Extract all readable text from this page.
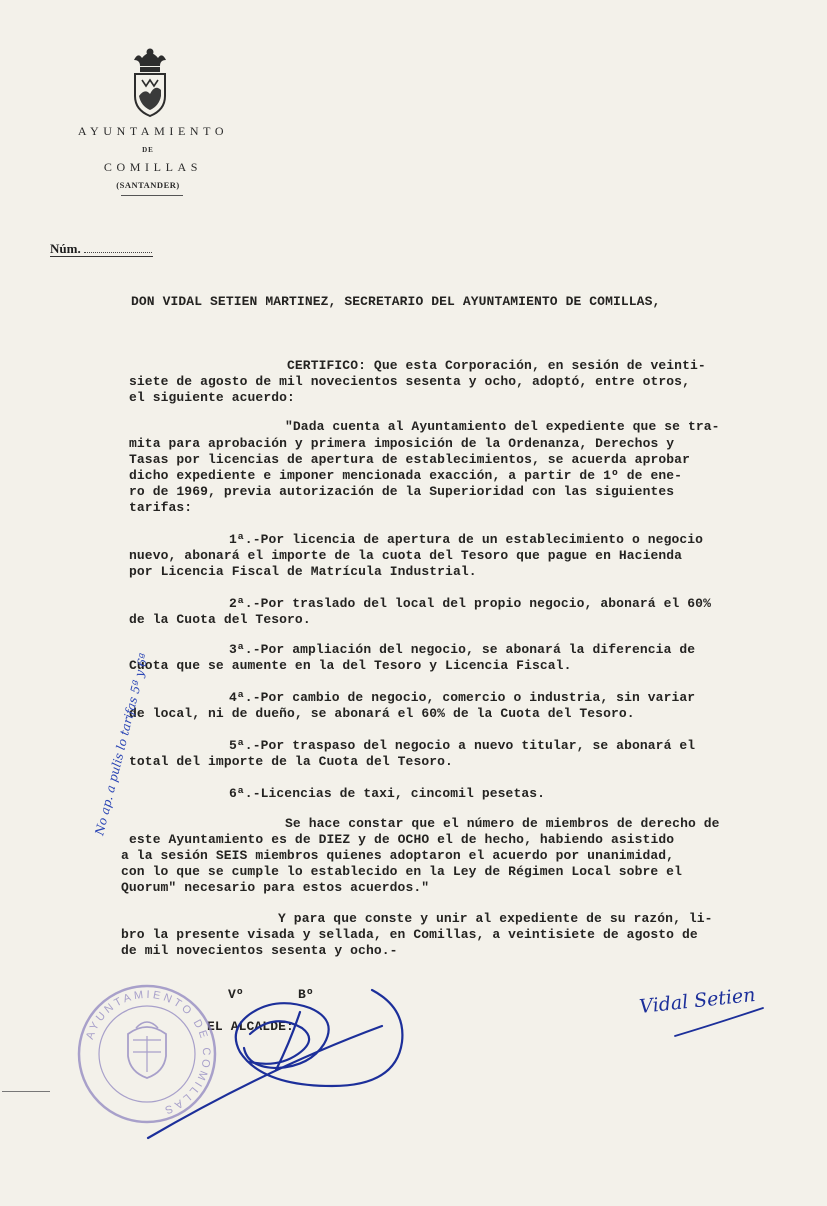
AYUNTAMIENTO
DE
COMILLAS
(SANTANDER)
Núm.
DON VIDAL SETIEN MARTINEZ, SECRETARIO DEL AYUNTAMIENTO DE COMILLAS,
CERTIFICO: Que esta Corporación, en sesión de veinti-
siete de agosto de mil novecientos sesenta y ocho, adoptó, entre otros,
el siguiente acuerdo:
"Dada cuenta al Ayuntamiento del expediente que se tra-
mita para aprobación y primera imposición de la Ordenanza, Derechos y
Tasas por licencias de apertura de establecimientos, se acuerda aprobar
dicho expediente e imponer mencionada exacción, a partir de 1º de ene-
ro de 1969, previa autorización de la Superioridad con las siguientes
tarifas:
1ª.-Por licencia de apertura de un establecimiento o negocio
nuevo, abonará el importe de la cuota del Tesoro que pague en Hacienda
por Licencia Fiscal de Matrícula Industrial.
2ª.-Por traslado del local del propio negocio, abonará el 60%
de la Cuota del Tesoro.
3ª.-Por ampliación del negocio, se abonará la diferencia de
Cuota que se aumente en la del Tesoro y Licencia Fiscal.
4ª.-Por cambio de negocio, comercio o industria, sin variar
de local, ni de dueño, se abonará el 60% de la Cuota del Tesoro.
5ª.-Por traspaso del negocio a nuevo titular, se abonará el
total del importe de la Cuota del Tesoro.
6ª.-Licencias de taxi, cincomil pesetas.
Se hace constar que el número de miembros de derecho de
este Ayuntamiento es de DIEZ y de OCHO el de hecho, habiendo asistido
a la sesión SEIS miembros quienes adoptaron el acuerdo por unanimidad,
con lo que se cumple lo establecido en la Ley de Régimen Local sobre el
Quorum" necesario para estos acuerdos."
Y para que conste y unir al expediente de su razón, li-
bro la presente visada y sellada, en Comillas, a veintisiete de agosto de
de mil novecientos sesenta y ocho.-
Vº	Bº
EL ALCALDE:
AYUNTAMIENTO DE COMILLAS
Vidal Setien
No ap. a pulis lo tarifas 5ª y 6ª
